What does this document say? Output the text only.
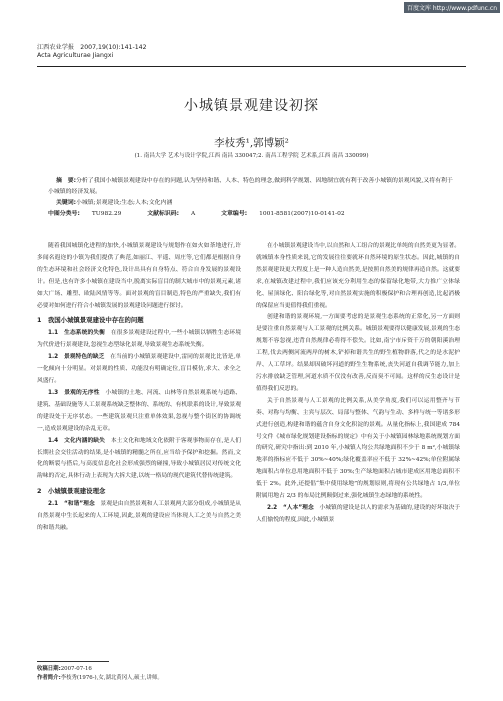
百度文库 http://www.pdfunc.cn
江西农业学报　2007,19(10):141-142
Acta Agriculturae Jiangxi
小城镇景观建设初探
李枝秀¹,郭博颖²
(1. 南昌大学 艺术与设计学院,江西 南昌 330047;2. 南昌工程学院 艺术系,江西 南昌 330099)

摘　要:分析了我国小城镇景观建设中存在的问题,认为坚持和谐、人本、特色的理念,做到科学规划、因地制宜就有利于改善小城镇的景观风貌,又将有利于小城镇的经济发展。

关键词:小城镇;景观建设;生态;人本;文化内涵

中图分类号: TU982.29	文献标识码: A	文章编号: 1001-8581(2007)10-0141-02

随着我国城镇化进程的加快,小城镇景观建设与规划作在如火如荼地进行,许多闻名遐迩的小镇为我们提供了典范,如丽江、平遥、周庄等,它们都是根据自身的生态环境和社会经济文化特色,设计出具有自身特点、符合自身发展的景观设计。但是,也有许多小城镇在建设当中,脱离实际盲目的制大城市中的景观元素,诸如大广场、雕塑、欧陆风情等等。面对景观的盲目制造,特色的严重缺失,我们有必要对如何进行符合小城镇发展的景观建设问题进行探讨。

1　我国小城镇景观建设中存在的问题

1.1　生态系统的失衡　 在很多景观建设过程中,一些小城镇以牺牲生态环境为代价进行景观建设,忽视生态型绿化景观,导致景观生态系统失衡。

1.2　景观特色的缺乏　 在当前的小城镇景观建设中,雷同的景观比比皆是,单一化倾向十分明显。对景观的性质、功能没有明确定位,盲目模仿,求大、求全之风盛行。

1.3　景观的无序性　 小城镇的土地、河流、山林等自然景观系统与道路、建筑、基础设施等人工景观系统缺乏整体的、系统的、有机联系的设计,导致景观的建设处于无序状态。一些建筑景观只注重单体效果,忽视与整个街区的协调统一,造成景观建设的杂乱无章。

1.4　文化内涵的缺失　 本土文化和地域文化依附于客观事物而存在,是人们长期社会交往活动的结果,是小城镇的精髓之所在,应当给予保护和挖掘。然而,文化的断裂与搭后,与高度信息化社会形成强烈的碰撞,导致小城镇居民对传统文化韵味的否定,具体行动上表现为大拆大建,以统一格局的现代建筑代替传统建筑。

2　小城镇景观建设理念

2.1　“和谐”理念　 景观是由自然景观和人工景观两大部分组成,小城镇是从自然景观中生长起来的人工环境,因此,景观的建设应当体现人工之美与自然之美的和谐共融。

在小城镇景观建设当中,以自然和人工组合的景观比单纯的自然美更为显著。就城镇本身性质来说,它的发展往往要就环自然环境的原生状态。因此,城镇的自然景观建设更大程度上是一种人造自然美,是按照自然美的规律再造自然。这就要求,在城镇改建过程中,我们应该充分利用生态的保留绿化地带,大力推广立体绿化、屋顶绿化、阳台绿化等,对自然景观实施的积极保护和合理再创造,比起消极的保留应当更值得我们重视。

创建和谐的景观环境,一方面要考虑的是景观生态系统的正常化,另一方面则是要注重自然景观与人工景观的比例关系。城镇景观要得以健康发展,景观的生态规划不容忽视,违背自然规律必将得不偿失。比如,南宁市斥资千万的朝阳溪治理工程,伐去两侧河流两岸的树木,铲掉和谐共生的野生植物群落,代之的是水泥护岸、人工草坪。结果却因破坏河道的野生生物系统,丧失河道自我调节能力,加上污水排放缺乏管理,河道水质不仅没有改善,反而臭不可闻。这样的反生态设计是值得我们反思的。

关于自然景观与人工景观的比例关系,从美学角度,我们可以运用整齐与节奏、对称与均衡、主宾与层次、局部与整体、气韵与生动、多样与统一等诸多形式进行创造,构建和谐的蕴含自身文化积淀的景观。从量化指标上,我国建成 784 号文件《城市绿化规划建设指标的规定》中有关于小城镇园林绿地系统规划方面的研究,研究中指出:到 2010 年,小城镇人均公共绿地面积不少于 8 m²,小城镇绿地率的指标应不低于 30%~40%;绿化覆盖率应不低于 32%~42%;单位附属绿地面积占单位总用地面积不低于 30%;生产绿地面积占城市建成区用地总面积不低于 2%。此外,还提倡“集中使用绿地”的规划原则,将现有公共绿地占 1/3,单位附属用地占 2/3 的布局比例颠倒过来,强化城镇生态绿地的系统性。

2.2　“人本”理念　 小城镇的建设是以人的需求为基础的,建设的好坏取决于人们愉悦的程度,因此,小城镇景

收稿日期:2007-07-16
作者简介:李枝秀(1976-),女,湖北黄冈人,硕士,讲师。
